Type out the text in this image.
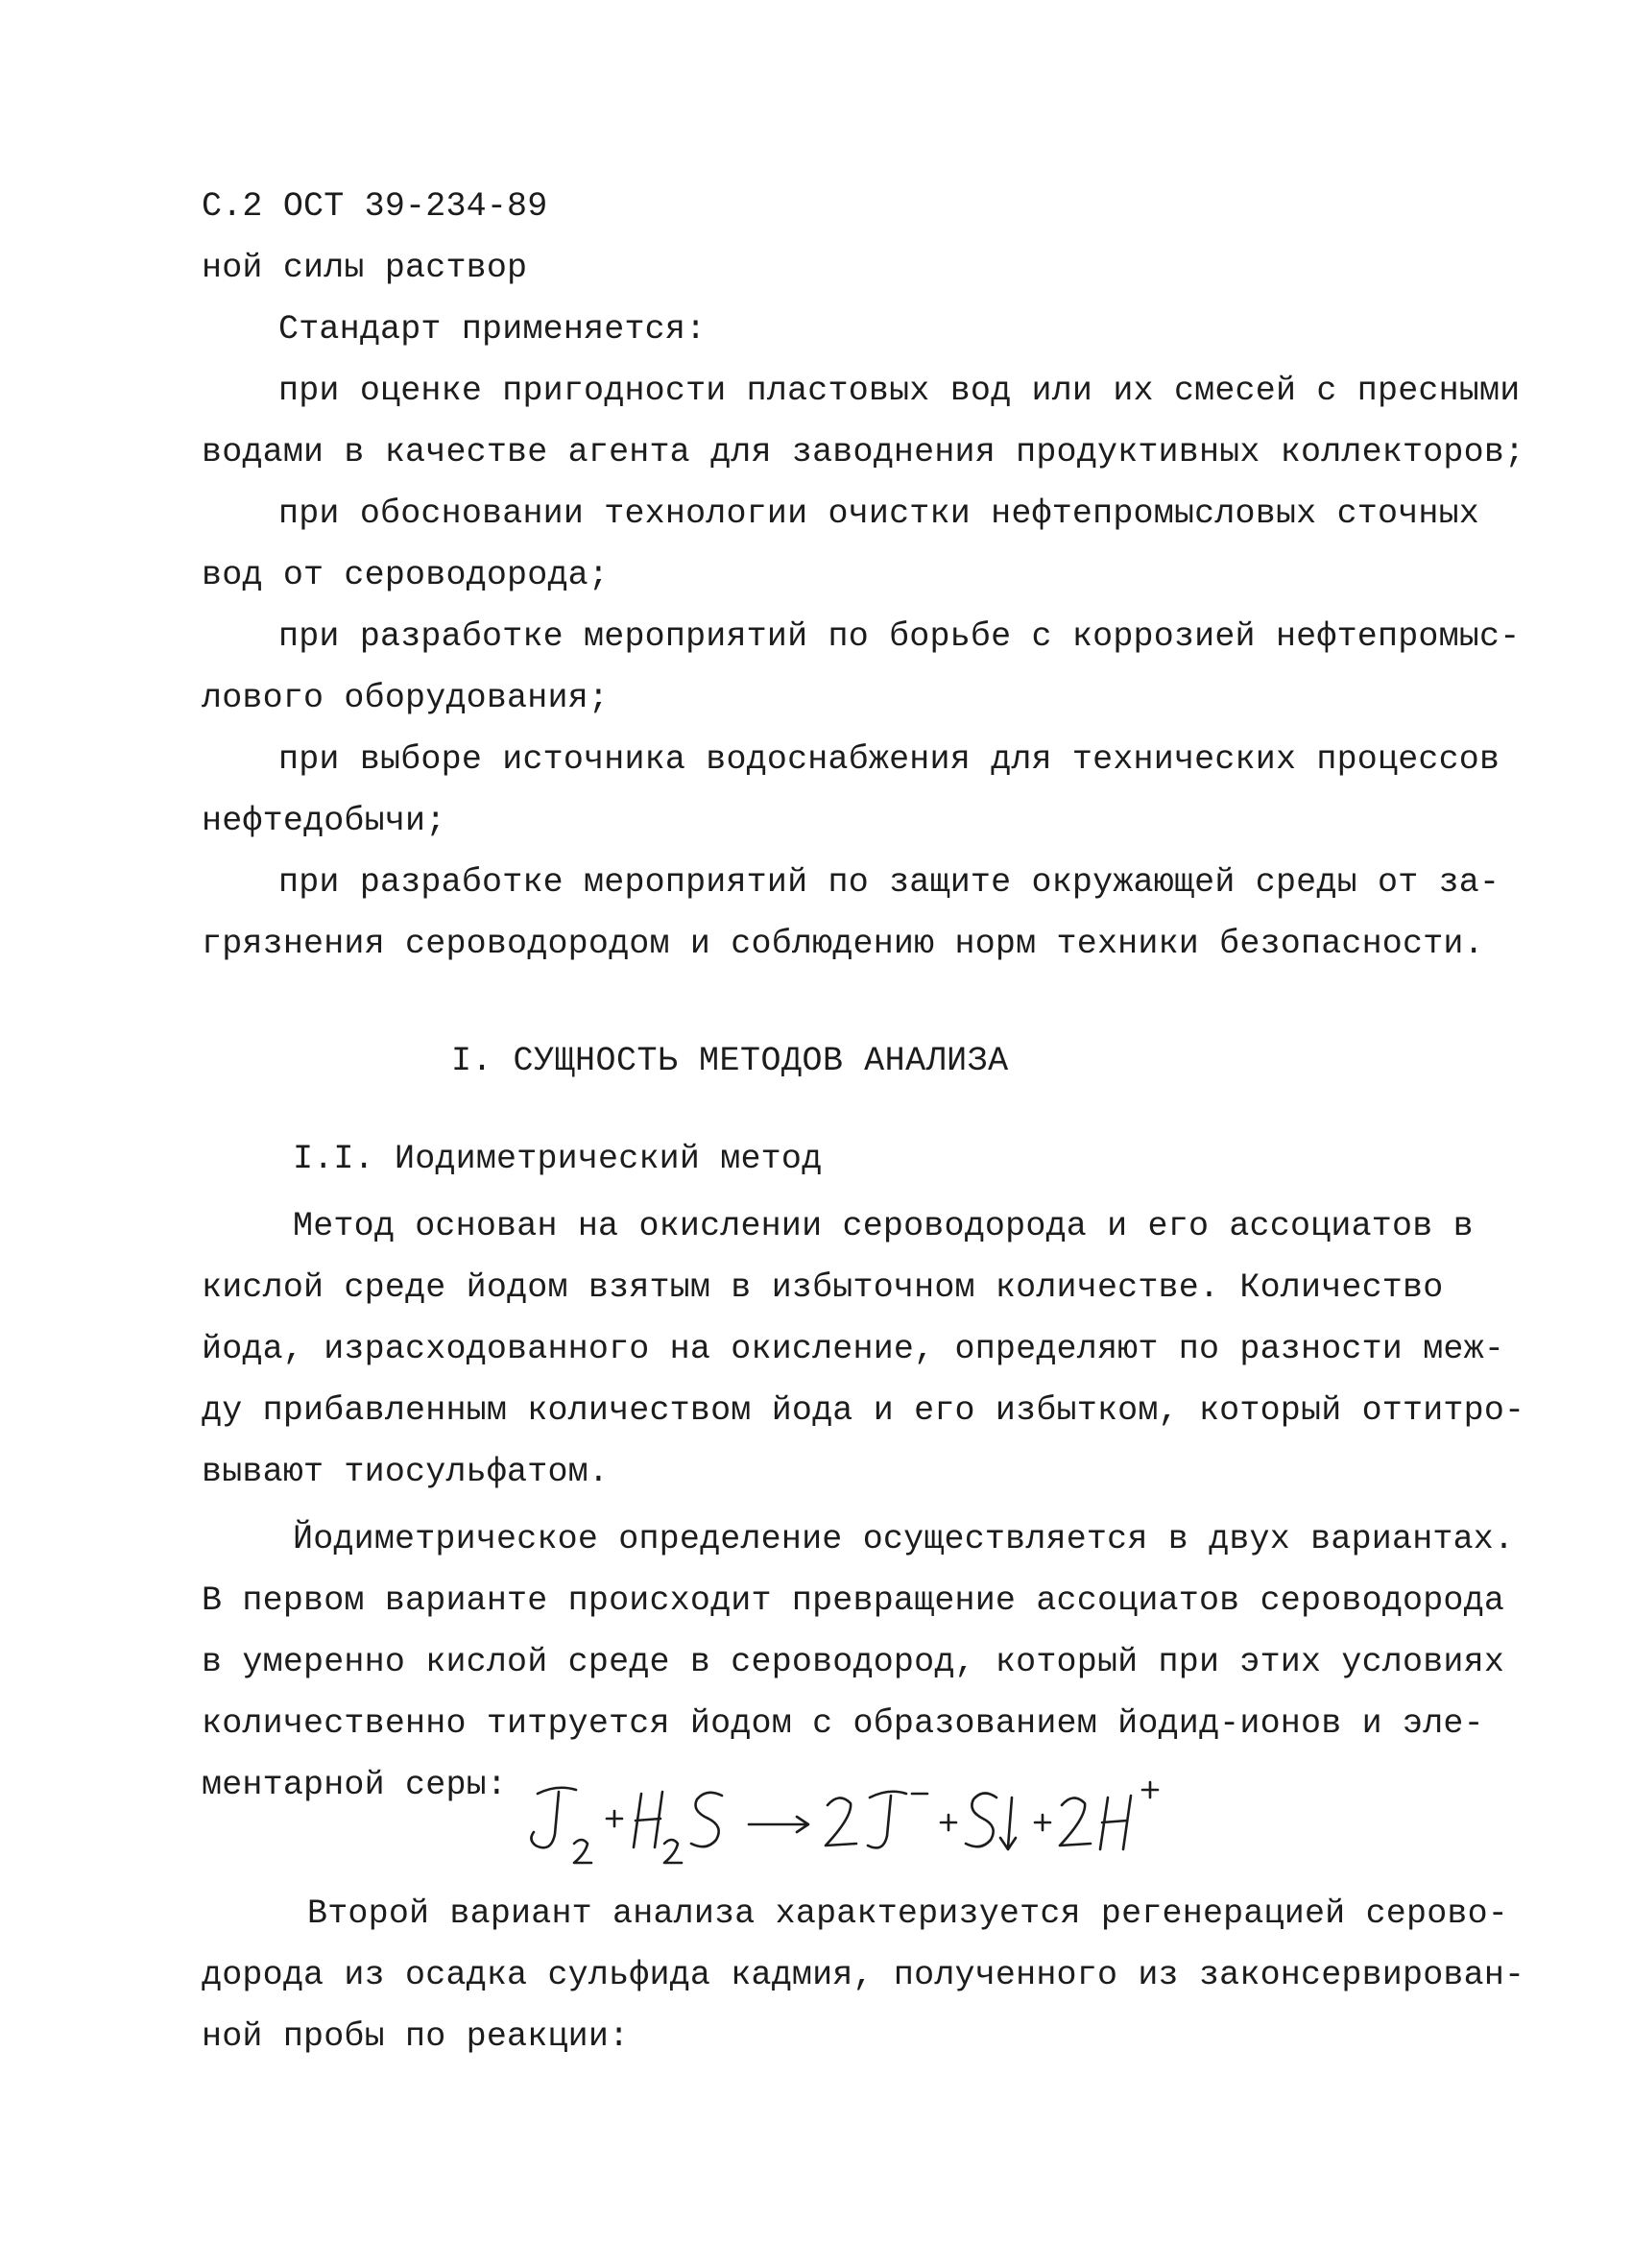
С.2 ОСТ 39-234-89
ной силы раствор
Стандарт применяется:
при оценке пригодности пластовых вод или их смесей с пресными
водами в качестве агента для заводнения продуктивных коллекторов;
при обосновании технологии очистки нефтепромысловых сточных
вод от сероводорода;
при разработке мероприятий по борьбе с коррозией нефтепромыс-
лового оборудования;
при выборе источника водоснабжения для технических процессов
нефтедобычи;
при разработке мероприятий по защите окружающей среды от за-
грязнения сероводородом и соблюдению норм техники безопасности.
I. СУЩНОСТЬ МЕТОДОВ АНАЛИЗА
I.I. Иодиметрический метод
Метод основан на окислении сероводорода и его ассоциатов в
кислой среде йодом взятым в избыточном количестве. Количество
йода, израсходованного на окисление, определяют по разности меж-
ду прибавленным количеством йода и его избытком, который оттитро-
вывают тиосульфатом.
Йодиметрическое определение осуществляется в двух вариантах.
В первом варианте происходит превращение ассоциатов сероводорода
в умеренно кислой среде в сероводород, который при этих условиях
количественно титруется йодом с образованием йодид-ионов и эле-
ментарной серы:
Второй вариант анализа характеризуется регенерацией серово-
дорода из осадка сульфида кадмия, полученного из законсервирован-
ной пробы по реакции:
